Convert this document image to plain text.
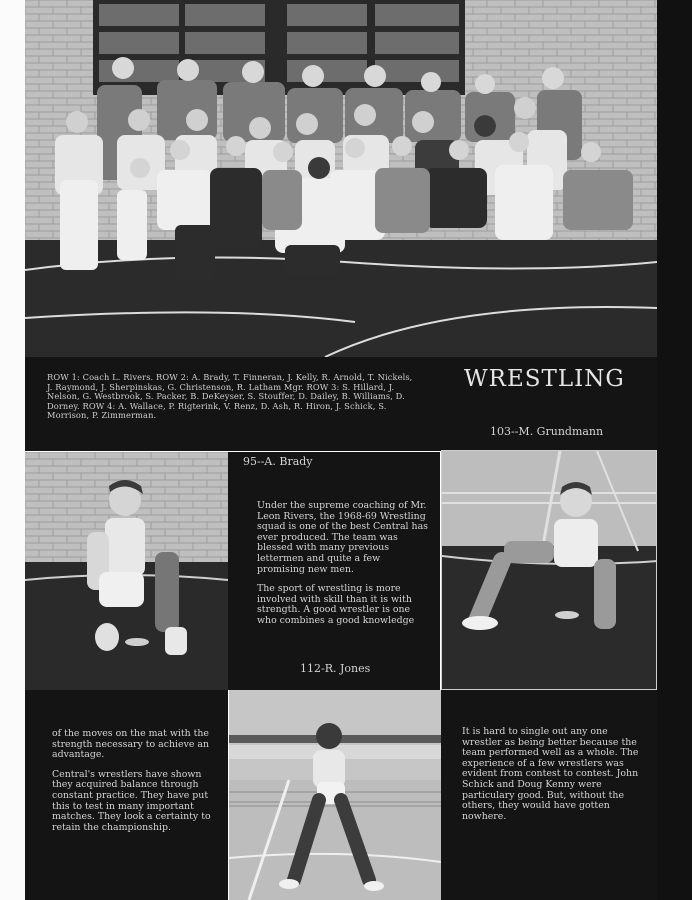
ROW 1: Coach L. Rivers. ROW 2: A. Brady, T. Finneran, J. Kelly, R. Arnold, T. Nickels, J. Raymond, J. Sherpinskas, G. Christenson, R. Latham Mgr. ROW 3: S. Hillard, J. Nelson, G. Westbrook, S. Packer, B. DeKeyser, S. Stouffer, D. Dailey, B. Williams, D. Dorney. ROW 4: A. Wallace, P. Rigterink, V. Renz, D. Ash, R. Hiron, J. Schick, S. Morrison, P. Zimmerman.
WRESTLING
103--M. Grundmann
95--A. Brady

Under the supreme coaching of Mr. Leon Rivers, the 1968-69 Wrestling squad is one of the best Central has ever produced. The team was blessed with many previous lettermen and quite a few promising new men.

The sport of wrestling is more involved with skill than it is with strength. A good wrestler is one who combines a good knowledge

112-R. Jones

of the moves on the mat with the strength necessary to achieve an advantage.

Central's wrestlers have shown they acquired balance through constant practice. They have put this to test in many important matches. They look a certainty to retain the championship.

It is hard to single out any one wrestler as being better because the team performed well as a whole. The experience of a few wrestlers was evident from contest to contest. John Schick and Doug Kenny were particulary good. But, without the others, they would have gotten nowhere.
